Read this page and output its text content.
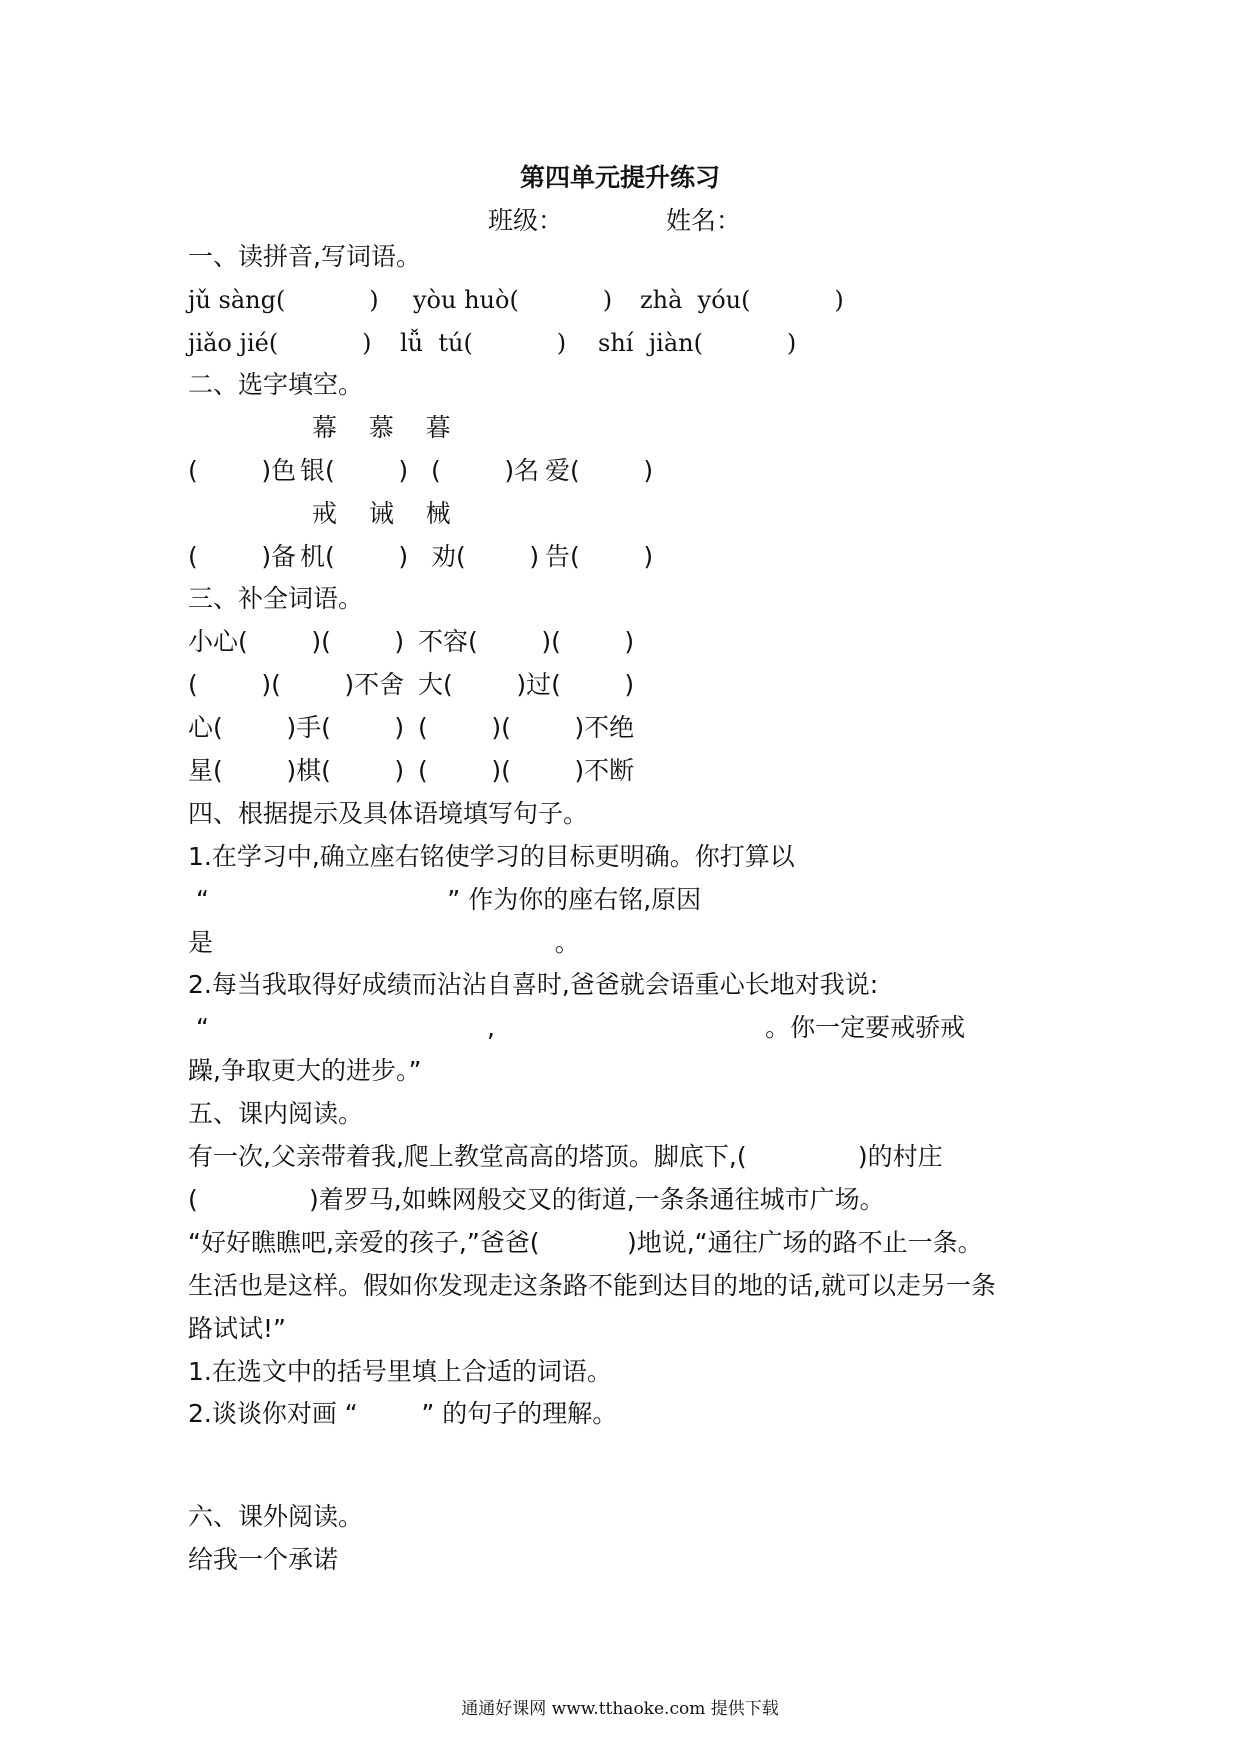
第四单元提升练习
班级：	姓名：
一、读拼音,写词语。
jǔ sàng(           ) yòu huò(           ) zhà  yóu(           )
jiǎo jié(           ) lǚ  tú(           ) shí  jiàn(           )
二、选字填空。
幕    慕    暮
(        )色 银(        ) (        )名 爱(        )
戒    诫    械
(        )备 机(        ) 劝(        ) 告(        )
三、补全词语。
小心(        )(        ) 不容(        )(        )
(        )(        )不舍 大(        )过(        )
心(        )手(        ) (        )(        )不绝
星(        )棋(        ) (        )(        )不断
四、根据提示及具体语境填写句子。
1.在学习中,确立座右铭使学习的目标更明确。你打算以
“                              ” 作为你的座右铭,原因
是                                           。
2.每当我取得好成绩而沾沾自喜时,爸爸就会语重心长地对我说:
“                                   ,                                  。你一定要戒骄戒
躁,争取更大的进步。”
五、课内阅读。
有一次,父亲带着我,爬上教堂高高的塔顶。脚底下,(              )的村庄
(              )着罗马,如蛛网般交叉的街道,一条条通往城市广场。
“好好瞧瞧吧,亲爱的孩子,”爸爸(           )地说,“通往广场的路不止一条。
生活也是这样。假如你发现走这条路不能到达目的地的话,就可以走另一条
路试试!”
1.在选文中的括号里填上合适的词语。
2.谈谈你对画 “        ” 的句子的理解。
六、课外阅读。
给我一个承诺
通通好课网 www.tthaoke.com 提供下载
